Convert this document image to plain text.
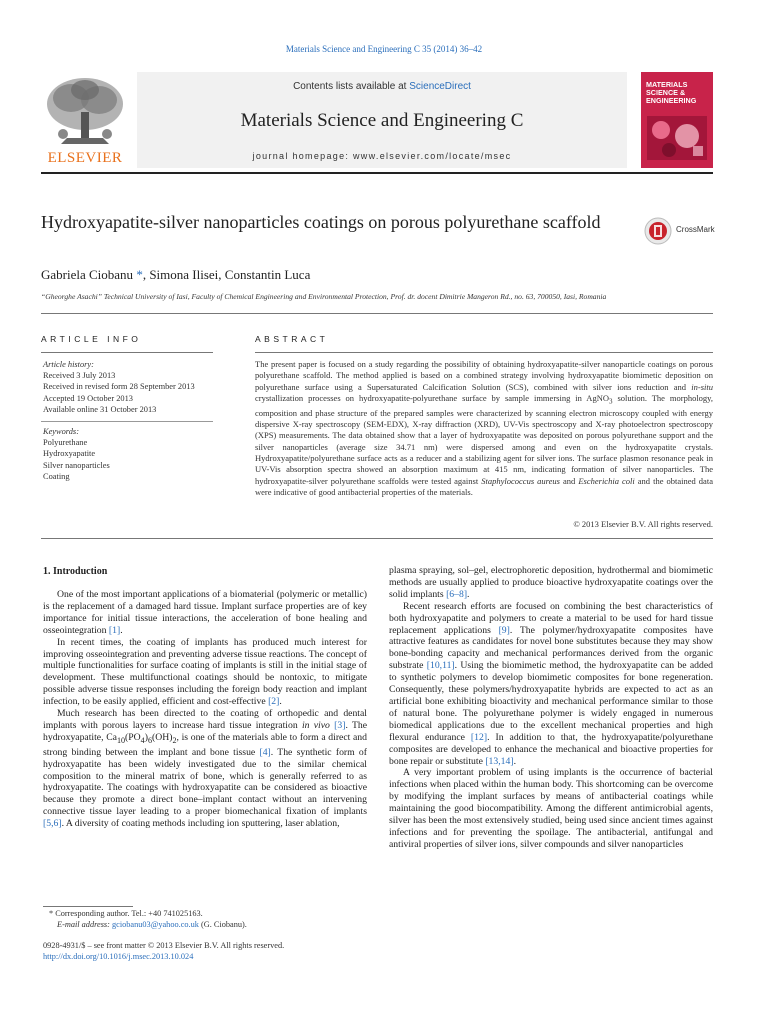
Materials Science and Engineering C 35 (2014) 36–42
ELSEVIER
Contents lists available at ScienceDirect
Materials Science and Engineering C
journal homepage: www.elsevier.com/locate/msec
MATERIALS
SCIENCE &
ENGINEERING
Hydroxyapatite-silver nanoparticles coatings on porous polyurethane scaffold	CrossMark
Gabriela Ciobanu *, Simona Ilisei, Constantin Luca
“Gheorghe Asachi” Technical University of Iasi, Faculty of Chemical Engineering and Environmental Protection, Prof. dr. docent Dimitrie Mangeron Rd., no. 63, 700050, Iasi, Romania
ARTICLE INFO	ABSTRACT
Article history:
Received 3 July 2013
Received in revised form 28 September 2013
Accepted 19 October 2013
Available online 31 October 2013
Keywords:
Polyurethane
Hydroxyapatite
Silver nanoparticles
Coating
The present paper is focused on a study regarding the possibility of obtaining hydroxyapatite-silver nanoparticle coatings on porous polyurethane scaffold. The method applied is based on a combined strategy involving hydroxyapatite biomimetic deposition on polyurethane surface using a Supersaturated Calcification Solution (SCS), combined with silver ions reduction and in-situ crystallization processes on hydroxyapatite-polyurethane surface by sample immersing in AgNO$_3$ solution. The morphology, composition and phase structure of the prepared samples were characterized by scanning electron microscopy coupled with energy dispersive X-ray spectroscopy (SEM-EDX), X-ray diffraction (XRD), UV-Vis spectroscopy and X-ray photoelectron spectroscopy (XPS) measurements. The data obtained show that a layer of hydroxyapatite was deposited on porous polyurethane support and the silver nanoparticles (average size 34.71 nm) were dispersed among and even on the hydroxyapatite crystals. Hydroxyapatite/polyurethane surface acts as a reducer and a stabilizing agent for silver ions. The surface plasmon resonance peak in UV-Vis absorption spectra showed an absorption maximum at 415 nm, indicating formation of silver nanoparticles. The hydroxyapatite-silver polyurethane scaffolds were tested against Staphylococcus aureus and Escherichia coli and the obtained data were indicative of good antibacterial properties of the materials.
© 2013 Elsevier B.V. All rights reserved.
1. Introduction

One of the most important applications of a biomaterial (polymeric or metallic) is the replacement of a damaged hard tissue. Implant surface properties are of key importance for initial tissue interactions, the acceleration of bone healing and osseointegration [1].

In recent times, the coating of implants has produced much interest for improving osseointegration and preventing adverse tissue reactions. The concept of multiple functionalities for surface coating of implants is still in the initial stage of development. These multifunctional coatings should be nontoxic, to mitigate possible adverse tissue responses including the foreign body reaction and implant infection, to be easily applied, efficient and cost-effective [2].

Much research has been directed to the coating of orthopedic and dental implants with porous layers to increase hard tissue integration in vivo [3]. The hydroxyapatite, $Ca_{10}(PO_4)_6(OH)_2$, is one of the materials able to form a direct and strong binding between the implant and bone tissue [4]. The synthetic form of hydroxyapatite has been widely investigated due to the similar chemical composition to the mineral matrix of bone, which is generally referred to as hydroxyapatite. The coatings with hydroxyapatite can be considered as bioactive because they promote a direct bone–implant contact without an intervening connective tissue layer leading to a proper biomechanical fixation of implants [5,6]. A diversity of coating methods including ion sputtering, laser ablation,

plasma spraying, sol–gel, electrophoretic deposition, hydrothermal and biomimetic methods are usually applied to produce bioactive hydroxyapatite coatings over the solid implants [6–8].

Recent research efforts are focused on combining the best characteristics of both hydroxyapatite and polymers to create a material to be used for hard tissue replacement applications [9]. The polymer/hydroxyapatite composites have attractive features as candidates for novel bone substitutes because they may show bone-bonding capacity and mechanical performances derived from the organic substrate [10,11]. Using the biomimetic method, the hydroxyapatite can be added to synthetic polymers to develop biomimetic composites for bone regeneration. Consequently, these polymers/hydroxyapatite hybrids are expected to act as an artificial bone exhibiting bioactivity and mechanical performance similar to those of natural bone. The polyurethane polymer is widely engaged in numerous biomedical applications due to the excellent mechanical properties and high flexural endurance [12]. In addition to that, the hydroxyapatite/polyurethane composites are developed to enhance the mechanical and bioactive properties for bone repair or substitute [13,14].

A very important problem of using implants is the occurrence of bacterial infections when placed within the human body. This shortcoming can be overcome by modifying the implant surfaces by means of antibacterial coatings while maintaining the good biocompatibility. Among the different antimicrobial agents, silver has been the most extensively studied, being used since ancient times against infections and for preventing the spoilage. The antibacterial, antifungal and antiviral properties of silver ions, silver compounds and silver nanoparticles

* Corresponding author. Tel.: +40 741025163.
E-mail address: gciobanu03@yahoo.co.uk (G. Ciobanu).
0928-4931/$ – see front matter © 2013 Elsevier B.V. All rights reserved.
http://dx.doi.org/10.1016/j.msec.2013.10.024
